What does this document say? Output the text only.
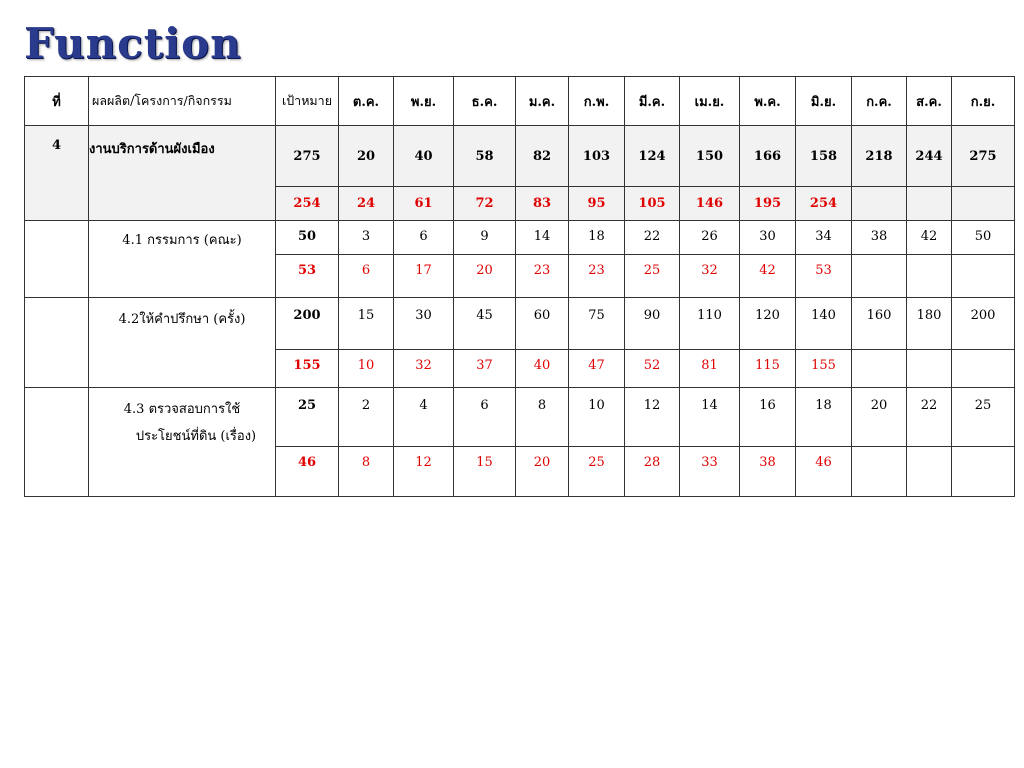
Function
ที่	ผลผลิต/โครงการ/กิจกรรม	เป้าหมาย	ต.ค.	พ.ย.	ธ.ค.	ม.ค.	ก.พ.	มี.ค.	เม.ย.	พ.ค.	มิ.ย.	ก.ค.	ส.ค.	ก.ย.
4	งานบริการด้านผังเมือง	275	20	40	58	82	103	124	150	166	158	218	244	275
		254	24	61	72	83	95	105	146	195	254			

	4.1 กรรมการ (คณะ)	50	3	6	9	14	18	22	26	30	34	38	42	50
		53	6	17	20	23	23	25	32	42	53			

	4.2ให้คำปรึกษา (ครั้ง)	200	15	30	45	60	75	90	110	120	140	160	180	200
		155	10	32	37	40	47	52	81	115	155			

	4.3 ตรวจสอบการใช้
ประโยชน์ที่ดิน (เรื่อง)	25	2	4	6	8	10	12	14	16	18	20	22	25
		46	8	12	15	20	25	28	33	38	46			
